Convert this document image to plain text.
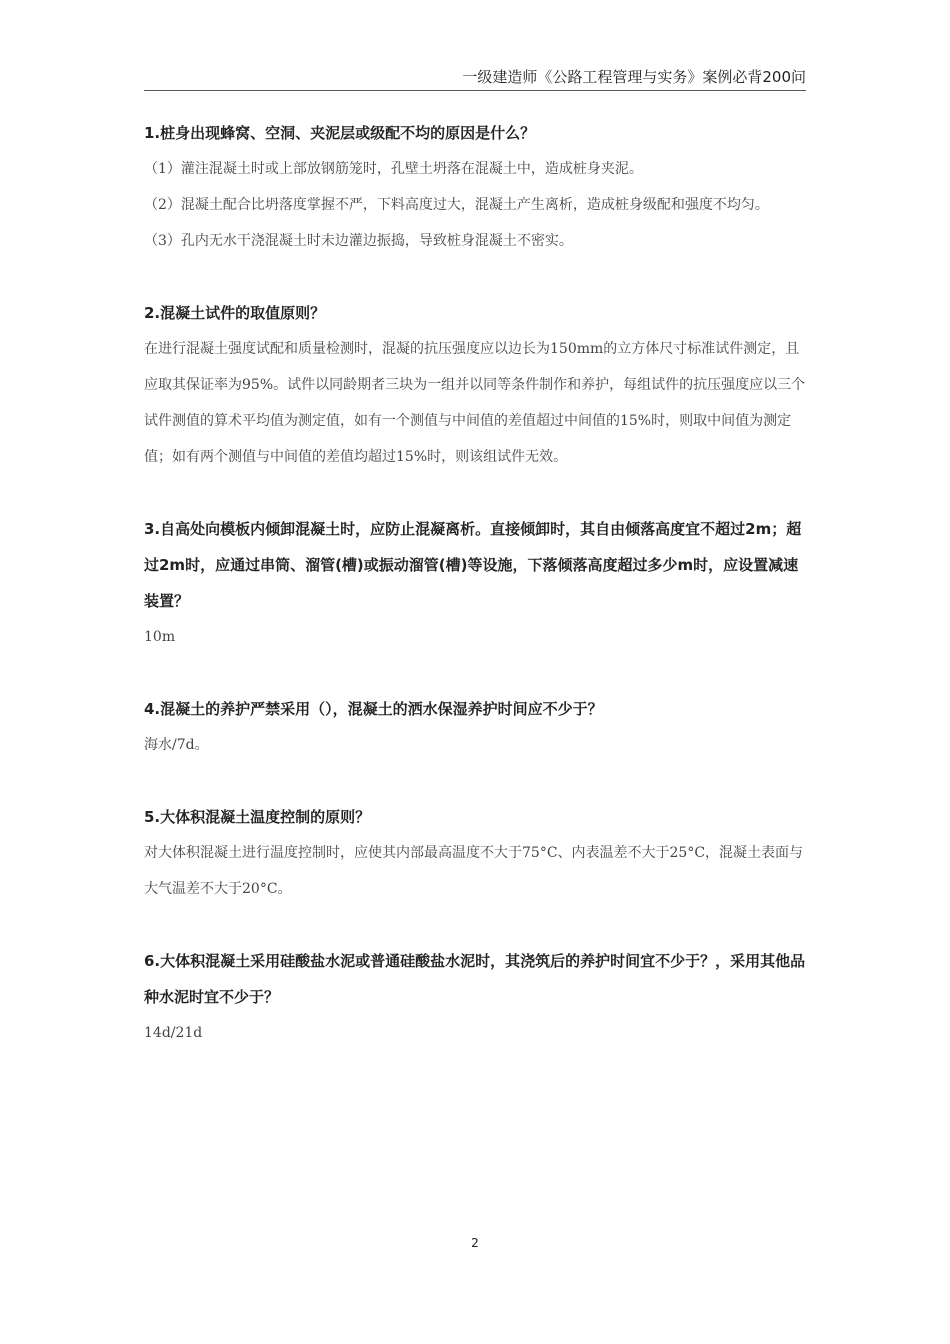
一级建造师《公路工程管理与实务》案例必背200问

1.桩身出现蜂窝、空洞、夹泥层或级配不均的原因是什么？

（1）灌注混凝土时或上部放钢筋笼时，孔壁土坍落在混凝土中，造成桩身夹泥。

（2）混凝土配合比坍落度掌握不严，下料高度过大，混凝土产生离析，造成桩身级配和强度不均匀。

（3）孔内无水干浇混凝土时未边灌边振捣，导致桩身混凝土不密实。

2.混凝土试件的取值原则？

在进行混凝土强度试配和质量检测时，混凝的抗压强度应以边长为150mm的立方体尺寸标准试件测定，且应取其保证率为95%。试件以同龄期者三块为一组并以同等条件制作和养护，每组试件的抗压强度应以三个试件测值的算术平均值为测定值，如有一个测值与中间值的差值超过中间值的15%时，则取中间值为测定值；如有两个测值与中间值的差值均超过15%时，则该组试件无效。

3.自高处向模板内倾卸混凝土时，应防止混凝离析。直接倾卸时，其自由倾落高度宜不超过2m；超过2m时，应通过串筒、溜管(槽)或振动溜管(槽)等设施，下落倾落高度超过多少m时，应设置减速装置？

10m

4.混凝土的养护严禁采用（），混凝土的洒水保湿养护时间应不少于？

海水/7d。

5.大体积混凝土温度控制的原则？

对大体积混凝土进行温度控制时，应使其内部最高温度不大于75°C、内表温差不大于25°C，混凝土表面与大气温差不大于20°C。

6.大体积混凝土采用硅酸盐水泥或普通硅酸盐水泥时，其浇筑后的养护时间宜不少于？，采用其他品种水泥时宜不少于？

14d/21d

2
